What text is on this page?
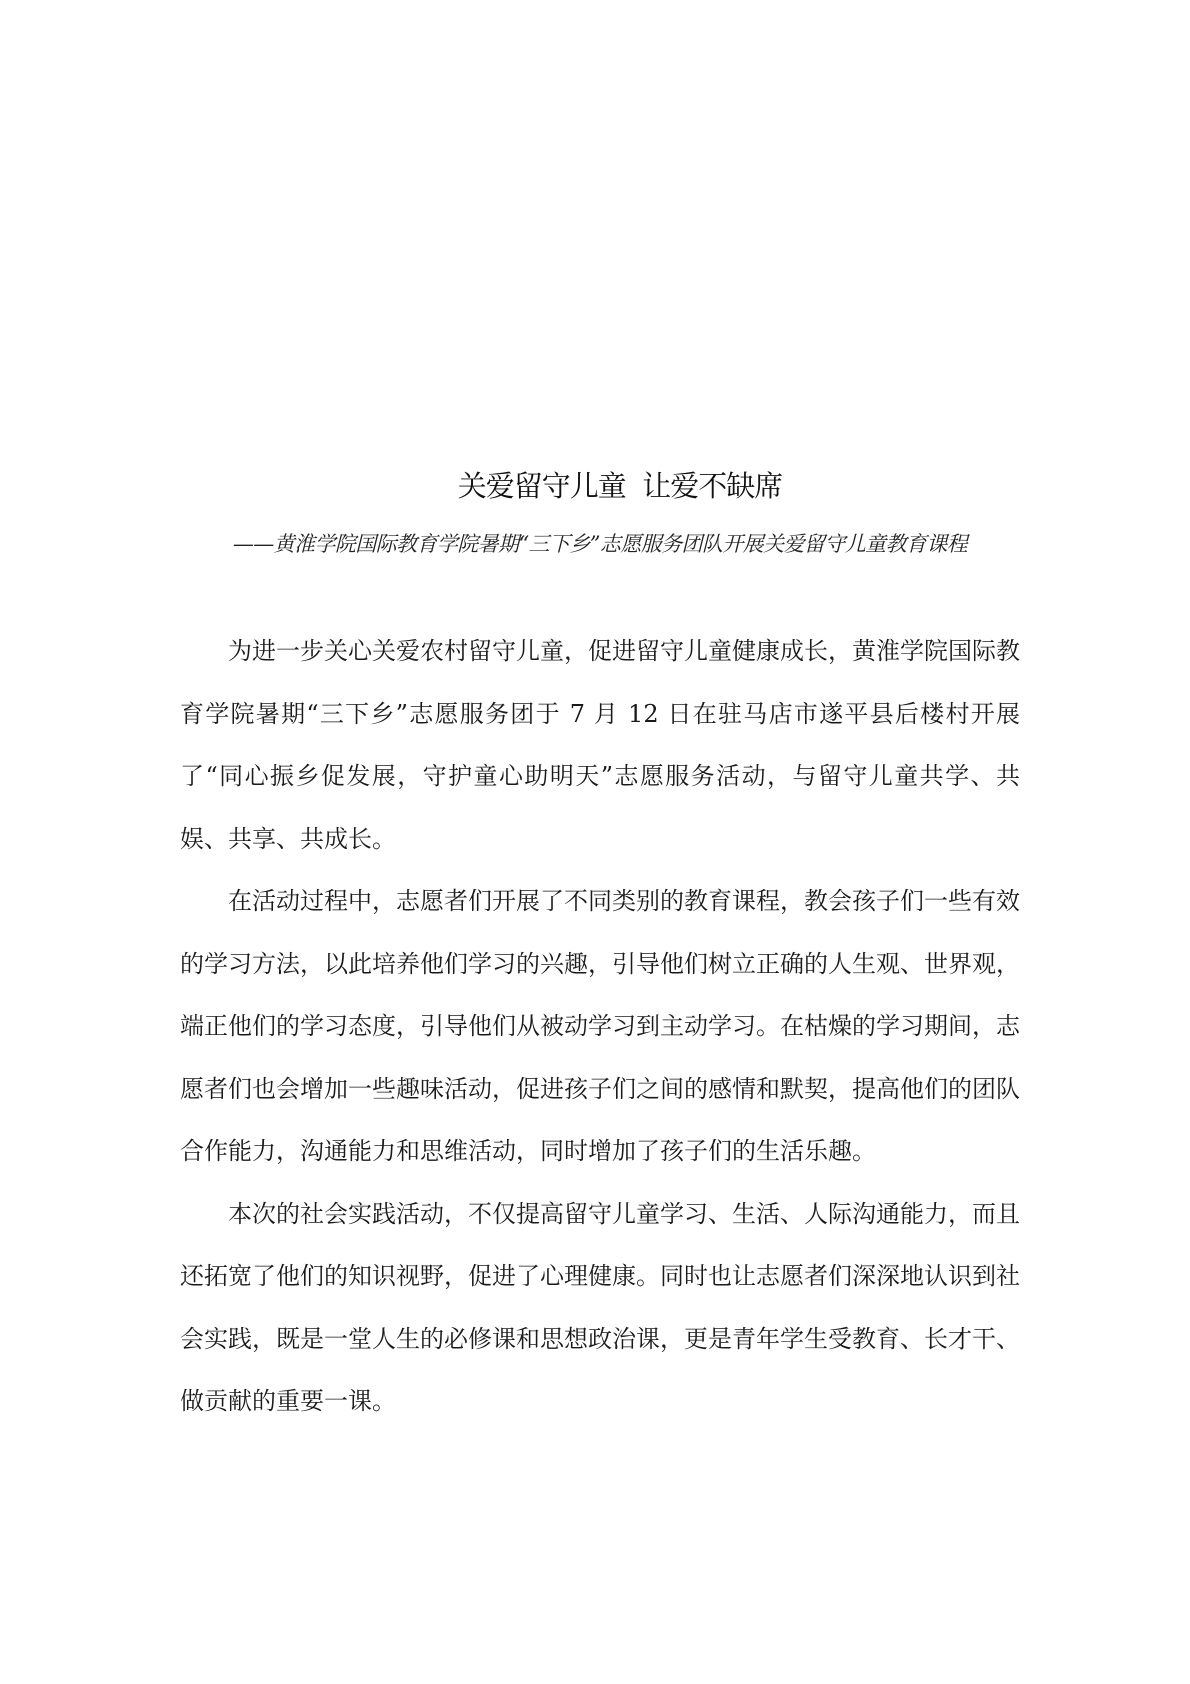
关爱留守儿童  让爱不缺席
——黄淮学院国际教育学院暑期“三下乡”志愿服务团队开展关爱留守儿童教育课程

为进一步关心关爱农村留守儿童，促进留守儿童健康成长，黄淮学院国际教育学院暑期“三下乡”志愿服务团于 7 月 12 日在驻马店市遂平县后楼村开展了“同心振乡促发展，守护童心助明天”志愿服务活动，与留守儿童共学、共娱、共享、共成长。

在活动过程中，志愿者们开展了不同类别的教育课程，教会孩子们一些有效的学习方法，以此培养他们学习的兴趣，引导他们树立正确的人生观、世界观，端正他们的学习态度，引导他们从被动学习到主动学习。在枯燥的学习期间，志愿者们也会增加一些趣味活动，促进孩子们之间的感情和默契，提高他们的团队合作能力，沟通能力和思维活动，同时增加了孩子们的生活乐趣。

本次的社会实践活动，不仅提高留守儿童学习、生活、人际沟通能力，而且还拓宽了他们的知识视野，促进了心理健康。同时也让志愿者们深深地认识到社会实践，既是一堂人生的必修课和思想政治课，更是青年学生受教育、长才干、做贡献的重要一课。
